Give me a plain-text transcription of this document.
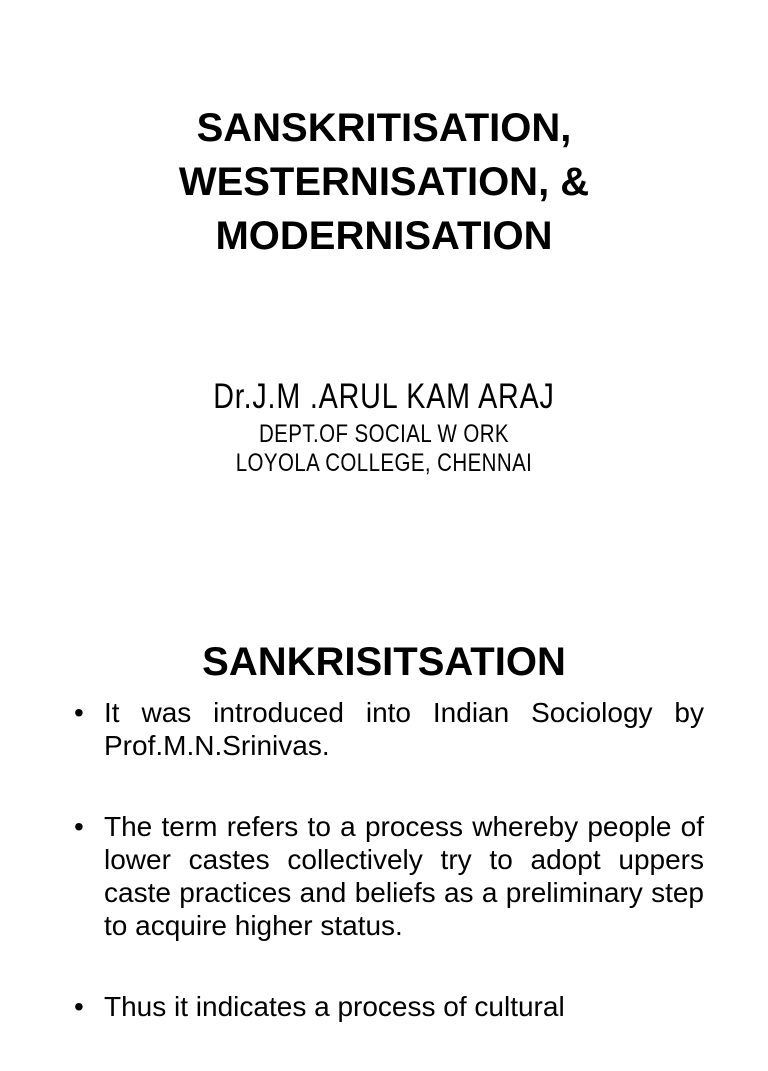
SANSKRITISATION,
WESTERNISATION, &
MODERNISATION
Dr.J.M .ARUL KAM ARAJ
DEPT.OF SOCIAL W ORK
LOYOLA COLLEGE, CHENNAI
SANKRISITSATION
• It was introduced into Indian Sociology by Prof.M.N.Srinivas.
• The term refers to a process whereby people of lower castes collectively try to adopt uppers caste practices and beliefs as a preliminary step to acquire higher status.
• Thus it indicates a process of cultural
